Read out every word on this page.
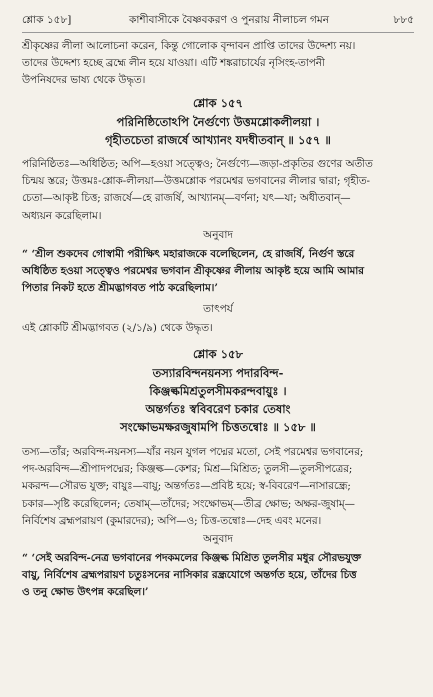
শ্লোক ১৫৮]	কাশীবাসীকে বৈষ্ণবকরণ ও পুনরায় নীলাচল গমন	৮৮৫
শ্রীকৃষ্ণের লীলা আলোচনা করেন, কিন্তু গোলোক বৃন্দাবন প্রাপ্তি তাদের উদ্দেশ্য নয়।
তাদের উদ্দেশ্য হচ্ছে ব্রহ্মে লীন হয়ে যাওয়া। এটি শঙ্করাচার্যের নৃসিংহ-তাপনী
উপনিষদের ভাষ্য থেকে উদ্ধৃত।
শ্লোক ১৫৭
পরিনিষ্ঠিতোঽপি নৈর্গুণ্যে উত্তমশ্লোকলীলয়া ।
গৃহীতচেতা রাজর্ষে আখ্যানং যদধীতবান্ ॥ ১৫৭ ॥
পরিনিষ্ঠিতঃ—অধিষ্ঠিত; অপি—হওয়া সত্ত্বেও; নৈর্গুণ্যে—জড়া-প্রকৃতির গুণের অতীত
চিন্ময় স্তরে; উত্তমঃ-শ্লোক-লীলয়া—উত্তমশ্লোক পরমেশ্বর ভগবানের লীলার দ্বারা; গৃহীত-
চেতা—আকৃষ্ট চিত্ত; রাজর্ষে—হে রাজর্ষি, আখ্যানম্—বর্ণনা; যৎ—যা; অধীতবান্—
অধ্যয়ন করেছিলাম।
অনুবাদ
“ ‘শ্রীল শুকদেব গোস্বামী পরীক্ষিৎ মহারাজকে বলেছিলেন, হে রাজর্ষি, নির্গুণ স্তরে
অধিষ্ঠিত হওয়া সত্ত্বেও পরমেশ্বর ভগবান শ্রীকৃষ্ণের লীলায় আকৃষ্ট হয়ে আমি আমার
পিতার নিকট হতে শ্রীমদ্ভাগবত পাঠ করেছিলাম।’
তাৎপর্য
এই শ্লোকটি শ্রীমদ্ভাগবত (২/১/৯) থেকে উদ্ধৃত।
শ্লোক ১৫৮
তস্যারবিন্দনয়নস্য পদারবিন্দ-
কিঞ্জল্কমিশ্রতুলসীমকরন্দবায়ুঃ ।
অন্তর্গতঃ স্ববিবরেণ চকার তেষাং
সংক্ষোভমক্ষরজুষামপি চিত্ততন্বোঃ ॥ ১৫৮ ॥
তস্য—তাঁর; অরবিন্দ-নয়নস্য—যাঁর নয়ন যুগল পদ্মের মতো, সেই পরমেশ্বর ভগবানের;
পদ-অরবিন্দ—শ্রীপাদপদ্মের; কিঞ্জল্ক—কেশর; মিশ্র—মিশ্রিত; তুলসী—তুলসীপত্রের;
মকরন্দ—সৌরভ যুক্ত; বায়ুঃ—বায়ু; অন্তর্গতঃ—প্রবিষ্ট হয়ে; স্ব-বিবরেণ—নাসারন্ধ্রে;
চকার—সৃষ্টি করেছিলেন; তেষাম্—তাঁদের; সংক্ষোভম্—তীব্র ক্ষোভ; অক্ষর-জুষাম্—
নির্বিশেষ ব্রহ্মপরায়ণ (কুমারদের); অপি—ও; চিত্ত-তন্বোঃ—দেহ এবং মনের।
অনুবাদ
“ ‘সেই অরবিন্দ-নেত্র ভগবানের পদকমলের কিঞ্জল্ক মিশ্রিত তুলসীর মধুর সৌরভযুক্ত
বায়ু, নির্বিশেষ ব্রহ্মপরায়ণ চতুঃসনের নাসিকার রন্ধ্রযোগে অন্তর্গত হয়ে, তাঁদের চিত্ত
ও তনু ক্ষোভ উৎপন্ন করেছিল।’
